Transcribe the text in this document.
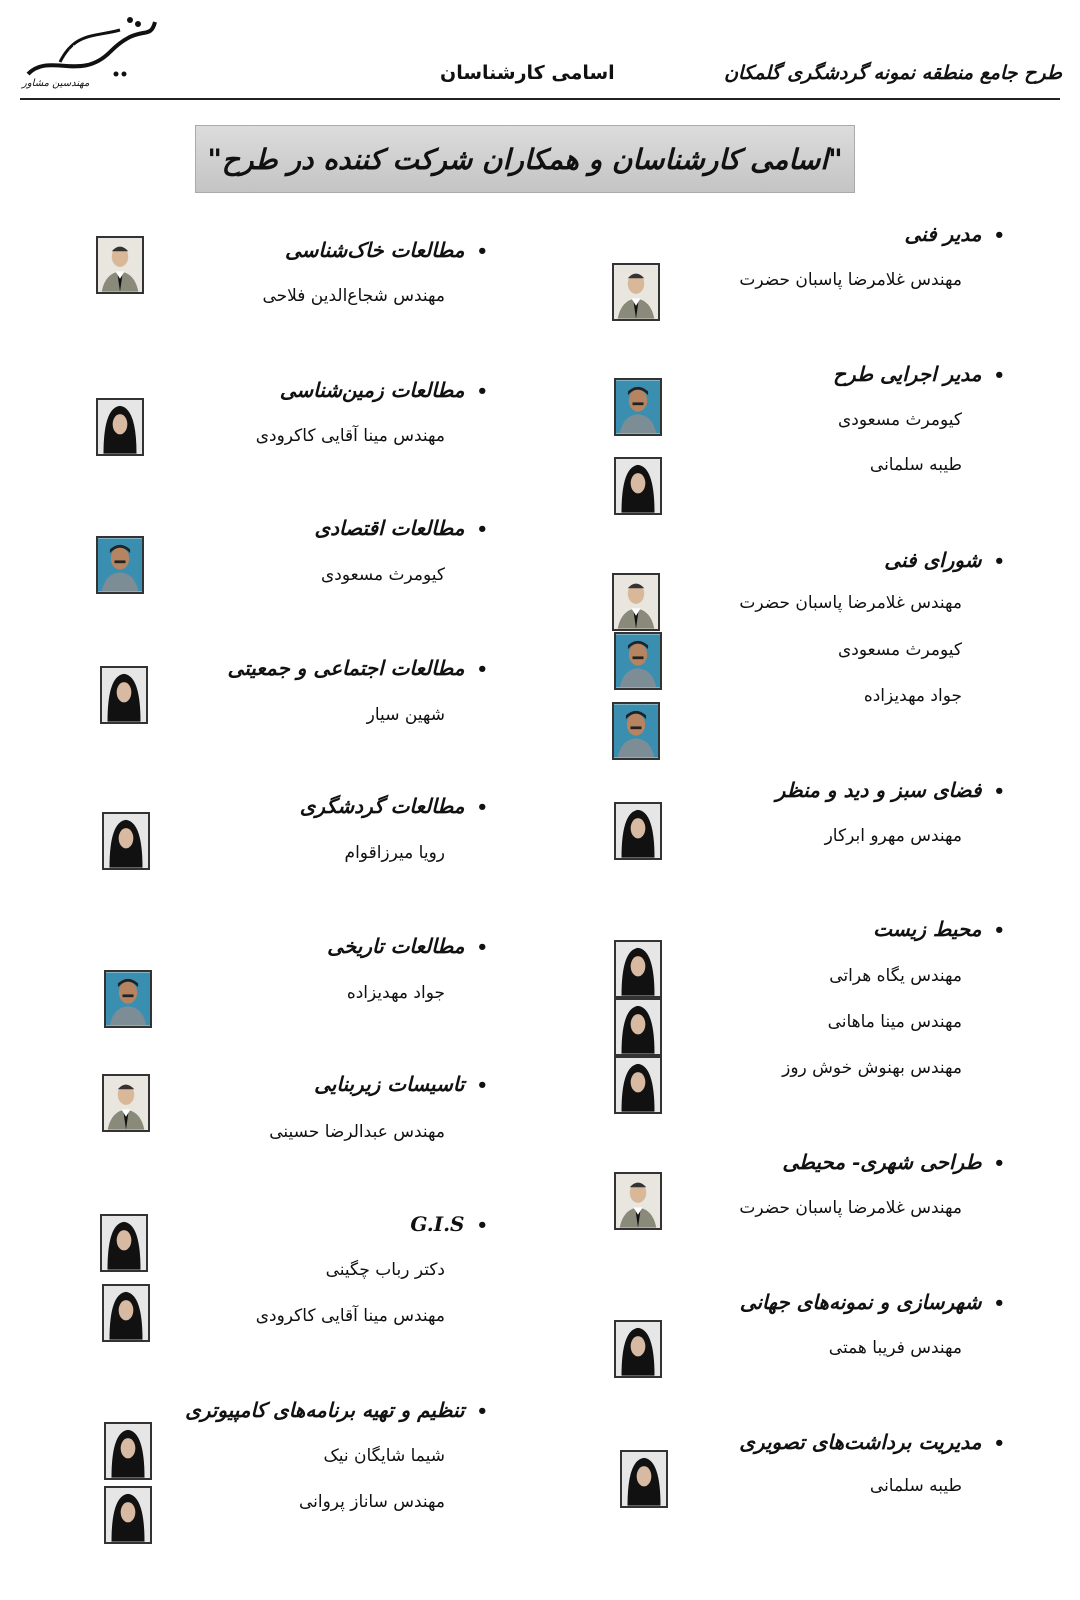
باغ شهر
مهندسین مشاور	اسامی کارشناسان	طرح جامع منطقه نمونه گردشگری گلمکان
"اسامی کارشناسان و همکاران شرکت کننده در طرح"
•مدیر فنی
مهندس غلامرضا پاسبان حضرت
•مدیر اجرایی طرح
کیومرث مسعودی
طیبه سلمانی
•شورای فنی
مهندس غلامرضا پاسبان حضرت
کیومرث مسعودی
جواد مهدیزاده
•فضای سبز و دید و منظر
مهندس مهرو ابرکار
•محیط زیست
مهندس یگاه هراتی
مهندس مینا ماهانی
مهندس بهنوش خوش روز
•طراحی شهری- محیطی
مهندس غلامرضا پاسبان حضرت
•شهرسازی و نمونه‌های جهانی
مهندس فریبا همتی
•مدیریت برداشت‌های تصویری
طیبه سلمانی
•مطالعات خاک‌شناسی
مهندس شجاع‌الدین فلاحی
•مطالعات زمین‌شناسی
مهندس مینا آقایی کاکرودی
•مطالعات اقتصادی
کیومرث مسعودی
•مطالعات اجتماعی و جمعیتی
شهین سیار
•مطالعات گردشگری
رویا میرزاقوام
•مطالعات تاریخی
جواد مهدیزاده
•تاسیسات زیربنایی
مهندس عبدالرضا حسینی
•G.I.S
دکتر رباب چگینی
مهندس مینا آقایی کاکرودی
•تنظیم و تهیه برنامه‌های کامپیوتری
شیما شایگان نیک
مهندس ساناز پروانی
